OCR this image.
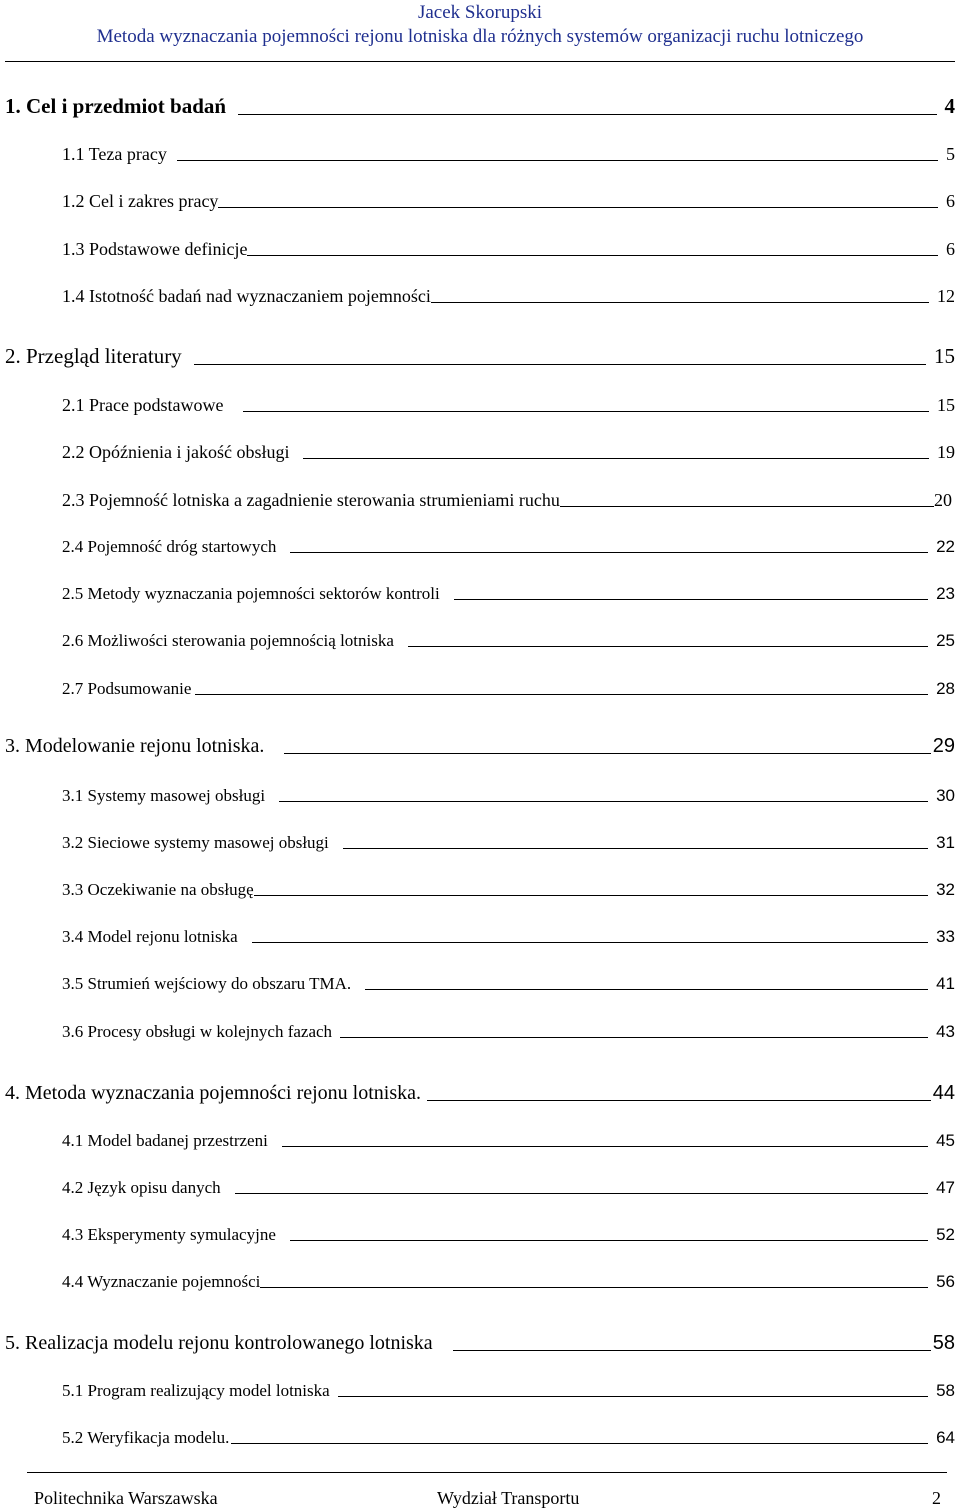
Jacek Skorupski
Metoda wyznaczania pojemności rejonu lotniska dla różnych systemów organizacji ruchu lotniczego
1. Cel i przedmiot badań	4
1.1 Teza pracy	5
1.2 Cel i zakres pracy	6
1.3 Podstawowe definicje	6
1.4 Istotność badań nad wyznaczaniem pojemności	12
2. Przegląd literatury	15
2.1 Prace podstawowe	15
2.2 Opóźnienia i jakość obsługi	19
2.3 Pojemność lotniska a zagadnienie sterowania strumieniami ruchu	20
2.4 Pojemność dróg startowych	22
2.5 Metody wyznaczania pojemności sektorów kontroli	23
2.6 Możliwości sterowania pojemnością lotniska	25
2.7 Podsumowanie	28
3. Modelowanie rejonu lotniska.	29
3.1 Systemy masowej obsługi	30
3.2 Sieciowe systemy masowej obsługi	31
3.3 Oczekiwanie na obsługę	32
3.4 Model rejonu lotniska	33
3.5 Strumień wejściowy do obszaru TMA.	41
3.6 Procesy obsługi w kolejnych fazach	43
4. Metoda wyznaczania pojemności rejonu lotniska.	44
4.1 Model badanej przestrzeni	45
4.2 Język opisu danych	47
4.3 Eksperymenty symulacyjne	52
4.4 Wyznaczanie pojemności	56
5. Realizacja modelu rejonu kontrolowanego lotniska	58
5.1 Program realizujący model lotniska	58
5.2 Weryfikacja modelu.	64
Politechnika Warszawska	Wydział Transportu	2
